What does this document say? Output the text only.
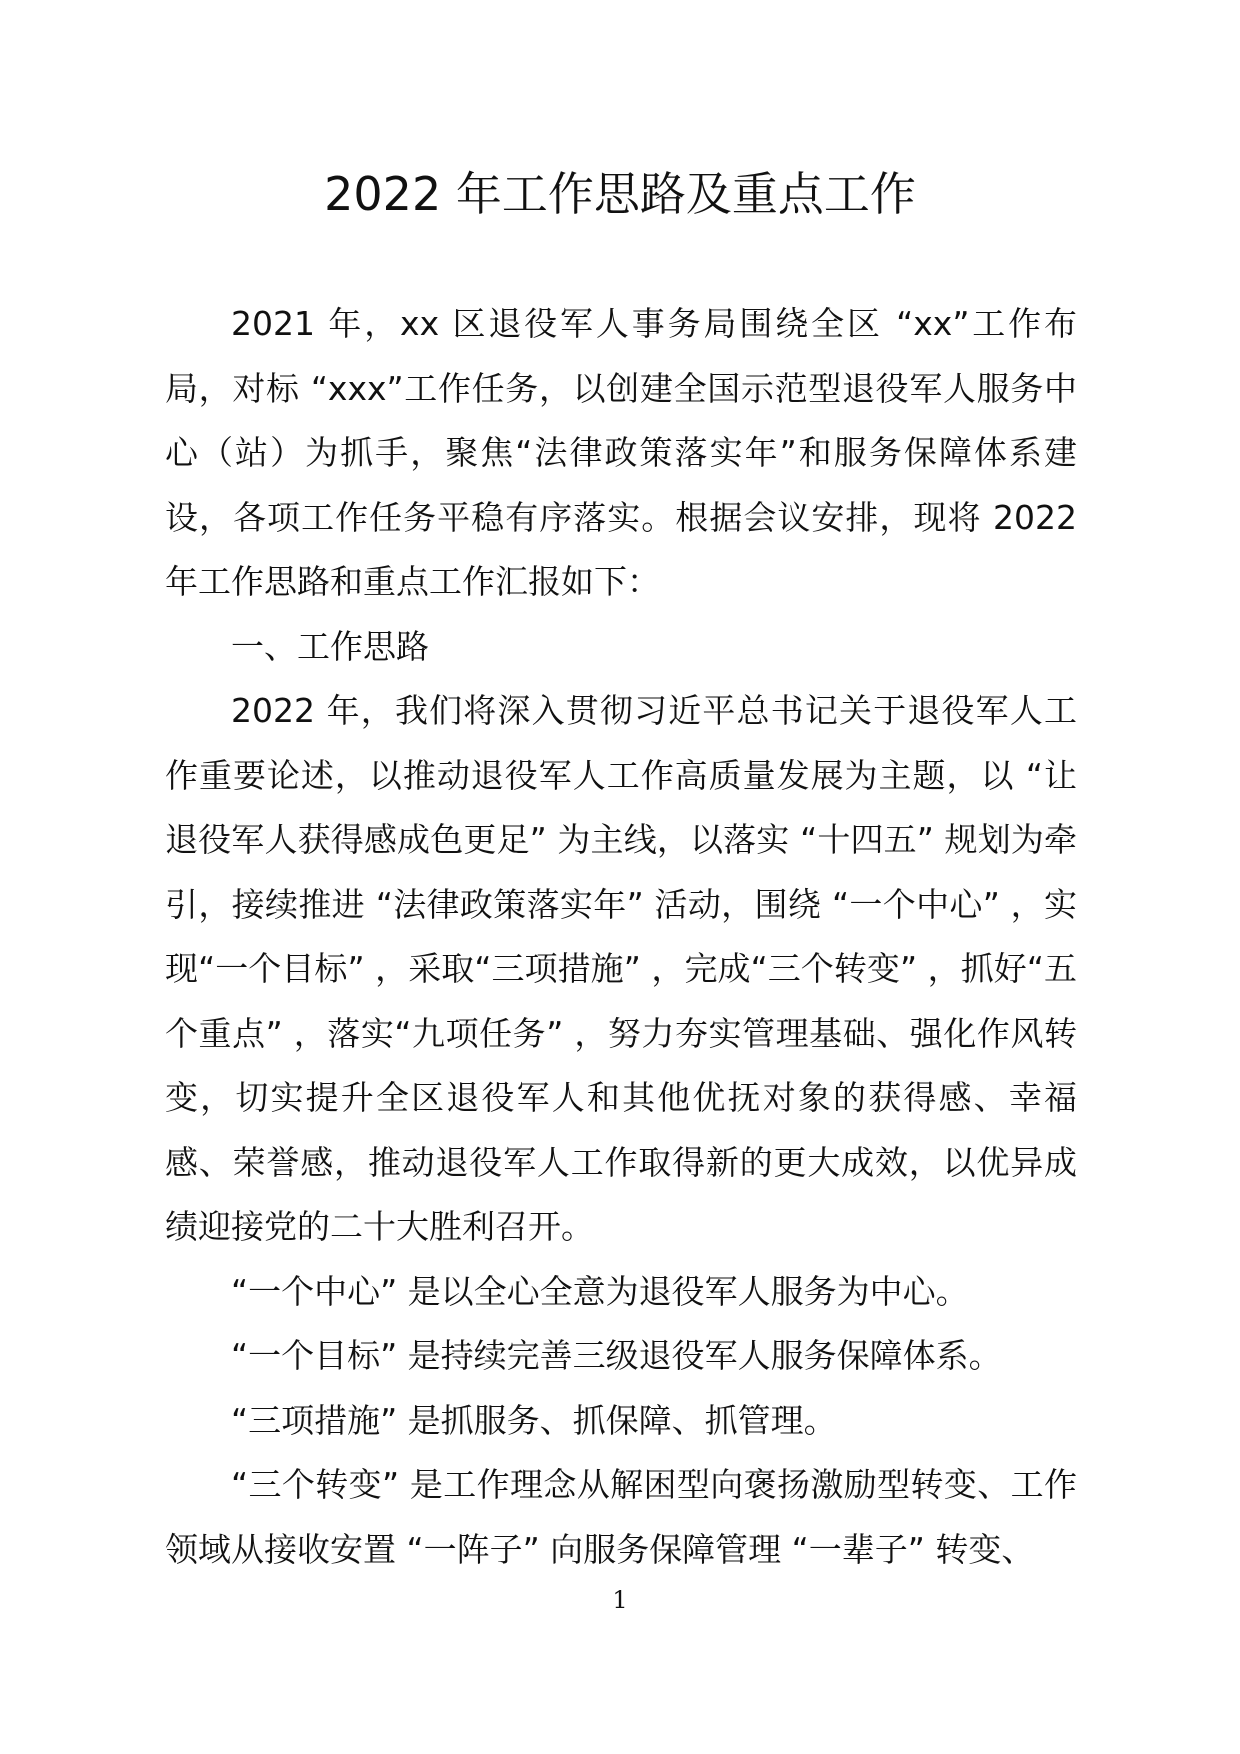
2022 年工作思路及重点工作

2021 年，xx 区退役军人事务局围绕全区 “xx”工作布局，对标 “xxx”工作任务，以创建全国示范型退役军人服务中心（站）为抓手，聚焦“法律政策落实年”和服务保障体系建设，各项工作任务平稳有序落实。根据会议安排，现将 2022 年工作思路和重点工作汇报如下：

一、工作思路

2022 年，我们将深入贯彻习近平总书记关于退役军人工作重要论述，以推动退役军人工作高质量发展为主题，以 “让退役军人获得感成色更足” 为主线，以落实 “十四五” 规划为牵引，接续推进 “法律政策落实年” 活动，围绕 “一个中心” ，实现“一个目标” ，采取“三项措施” ，完成“三个转变” ，抓好“五个重点” ，落实“九项任务” ，努力夯实管理基础、强化作风转变，切实提升全区退役军人和其他优抚对象的获得感、幸福感、荣誉感，推动退役军人工作取得新的更大成效，以优异成绩迎接党的二十大胜利召开。

“一个中心” 是以全心全意为退役军人服务为中心。

“一个目标” 是持续完善三级退役军人服务保障体系。

“三项措施” 是抓服务、抓保障、抓管理。

“三个转变” 是工作理念从解困型向褒扬激励型转变、工作领域从接收安置 “一阵子” 向服务保障管理 “一辈子” 转变、

1
